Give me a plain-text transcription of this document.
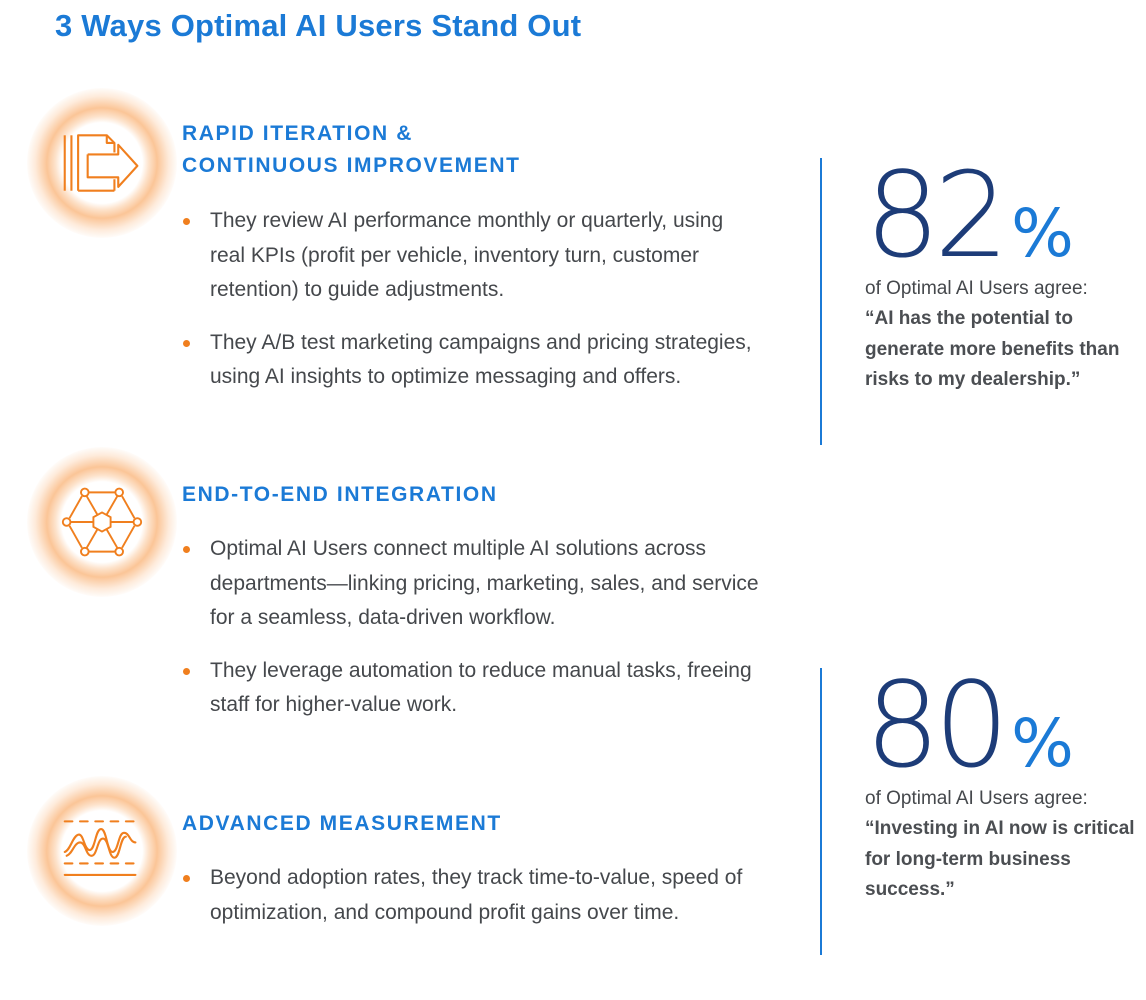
3 Ways Optimal AI Users Stand Out
RAPID ITERATION &
CONTINUOUS IMPROVEMENT
They review AI performance monthly or quarterly, using real KPIs (profit per vehicle, inventory turn, customer retention) to guide adjustments.
They A/B test marketing campaigns and pricing strategies, using AI insights to optimize messaging and offers.
END-TO-END INTEGRATION
Optimal AI Users connect multiple AI solutions across departments—linking pricing, marketing, sales, and service for a seamless, data-driven workflow.
They leverage automation to reduce manual tasks, freeing staff for higher-value work.
ADVANCED MEASUREMENT
Beyond adoption rates, they track time-to-value, speed of optimization, and compound profit gains over time.
82 %
of Optimal AI Users agree:
“AI has the potential to generate more benefits than risks to my dealership.”
80 %
of Optimal AI Users agree:
“Investing in AI now is critical for long-term business success.”
